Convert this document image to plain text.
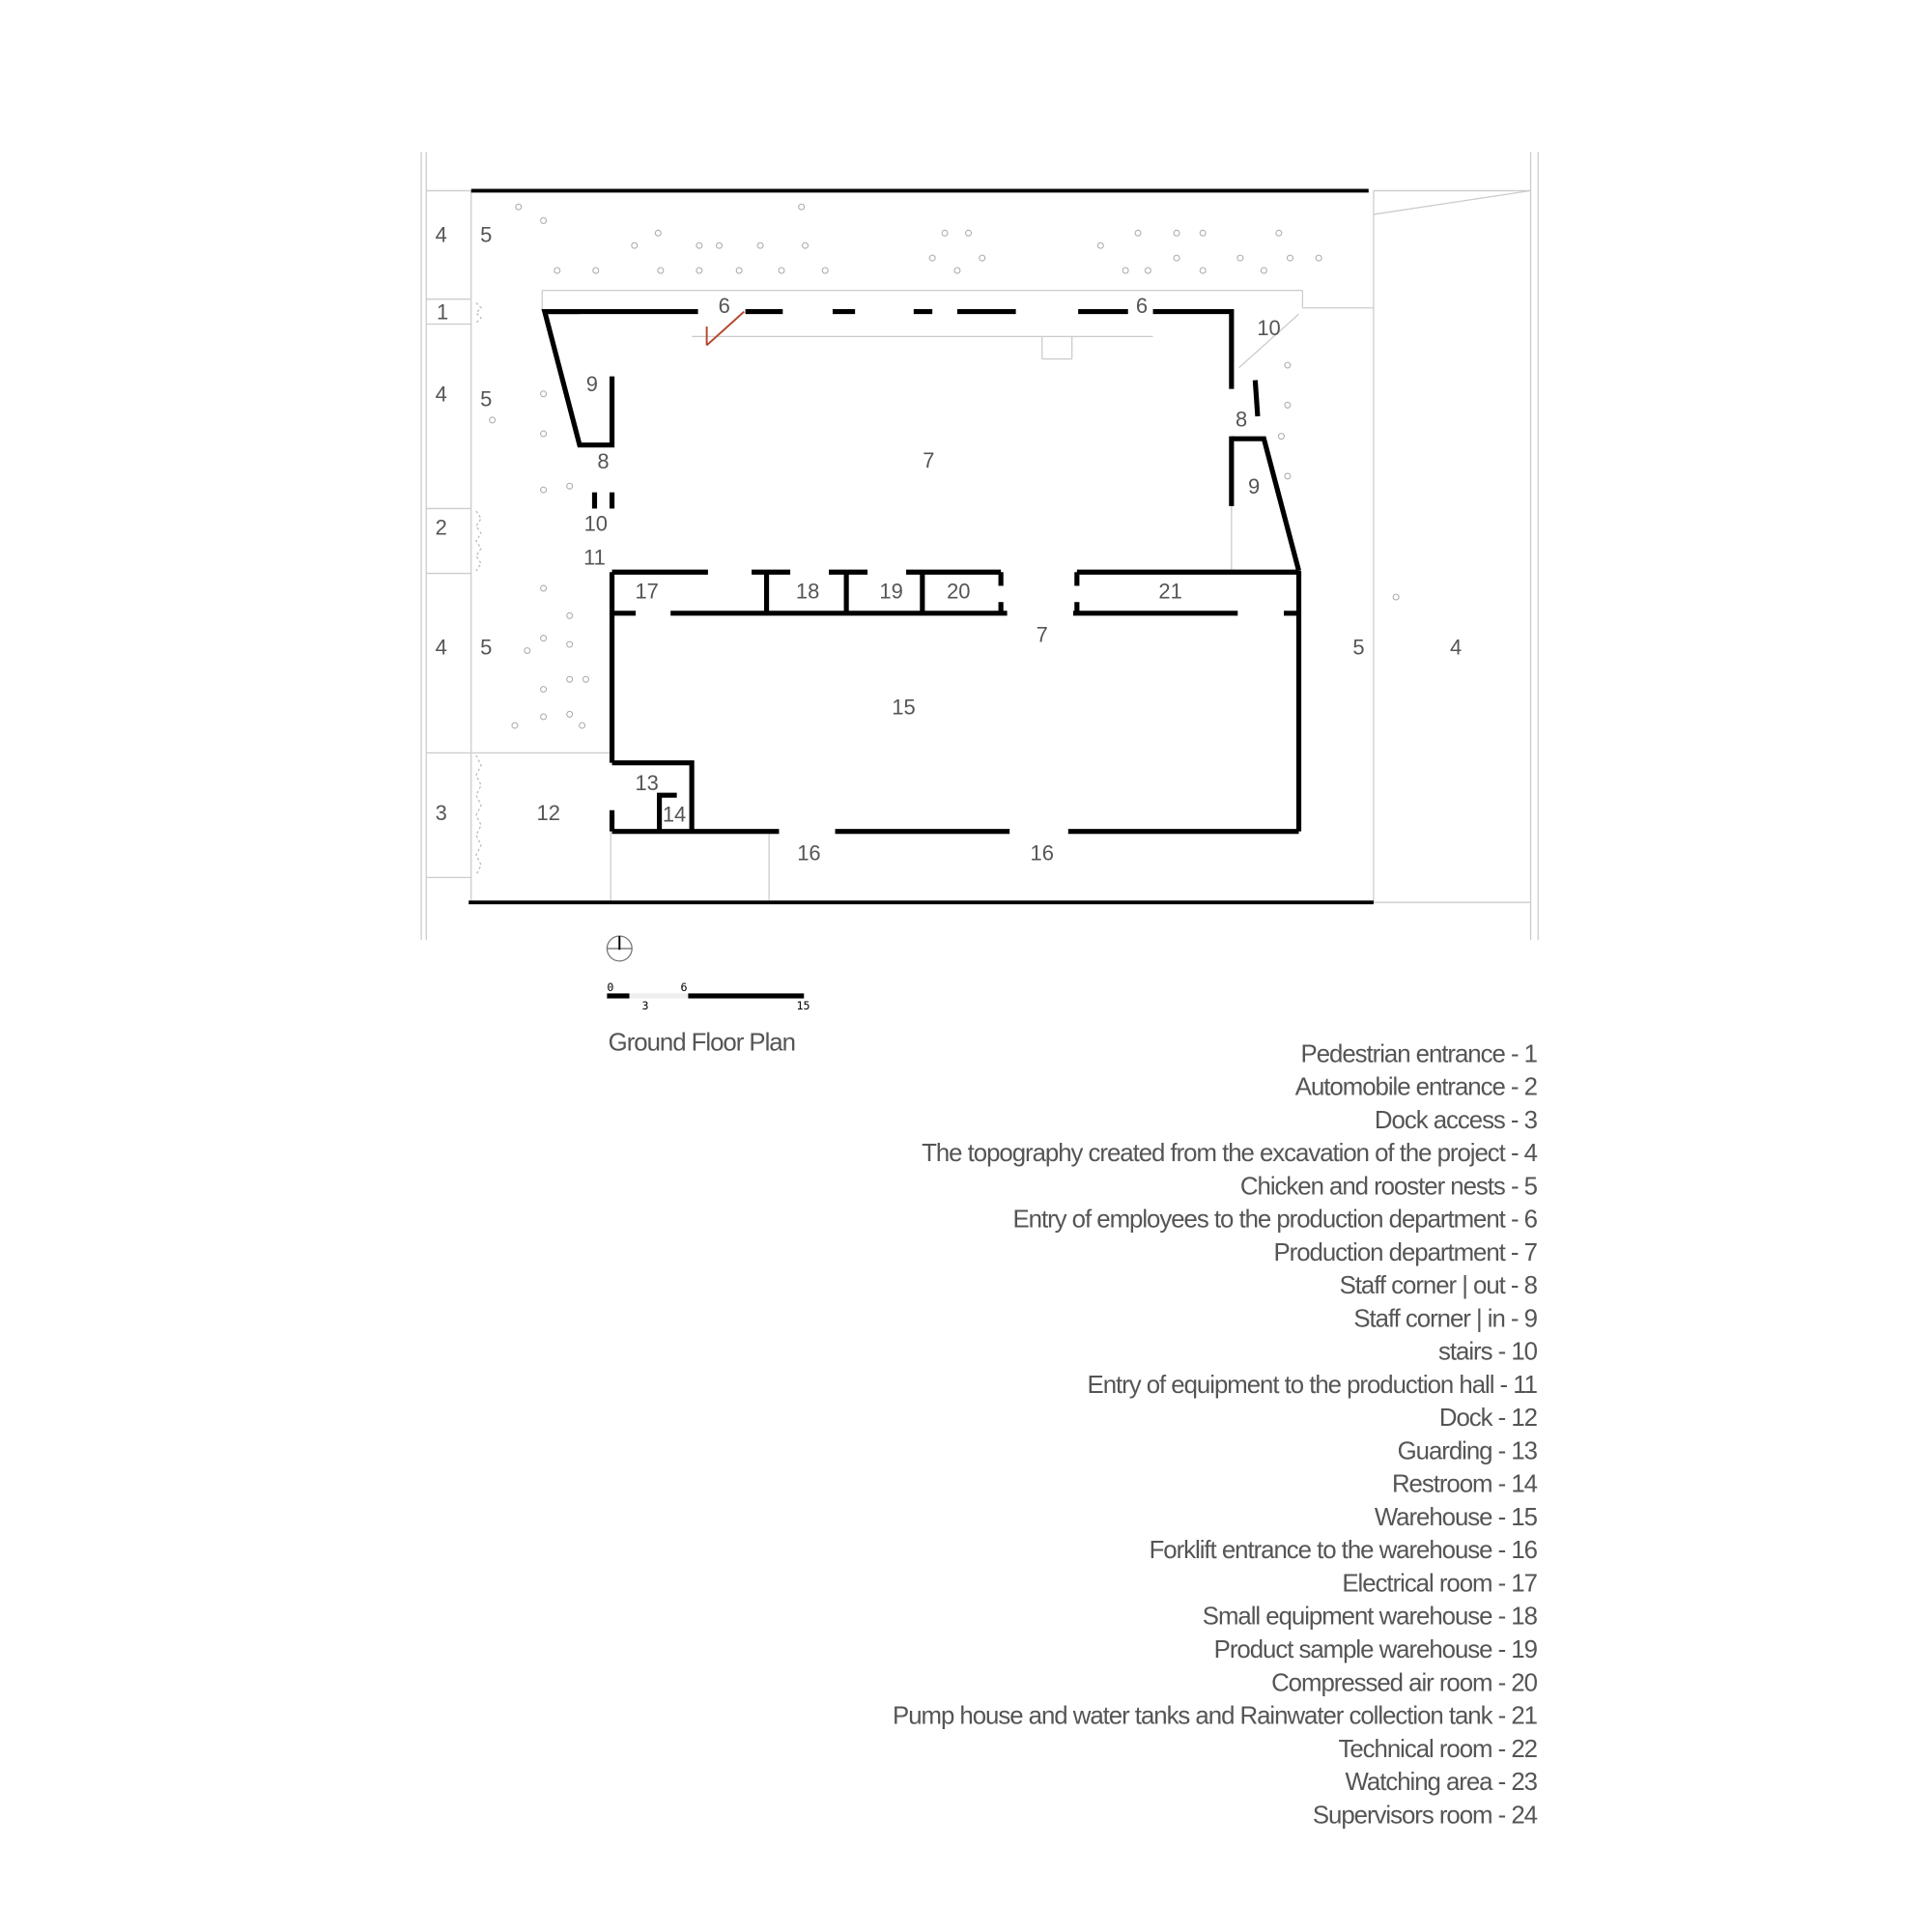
4 5
1
4 5
2
4 5
3	12
6	6
10
9
8
10
11
7
8
9
17	18	19	20	21
7
15
5	4
13
14
16	16
0	6
3	15
Ground Floor Plan	Pedestrian entrance - 1
Automobile entrance - 2
Dock access - 3
The topography created from the excavation of the project - 4
Chicken and rooster nests - 5
Entry of employees to the production department - 6
Production department - 7
Staff corner | out - 8
Staff corner | in - 9
stairs - 10
Entry of equipment to the production hall - 11
Dock - 12
Guarding - 13
Restroom - 14
Warehouse - 15
Forklift entrance to the warehouse - 16
Electrical room - 17
Small equipment warehouse - 18
Product sample warehouse - 19
Compressed air room - 20
Pump house and water tanks and Rainwater collection tank - 21
Technical room - 22
Watching area - 23
Supervisors room - 24
